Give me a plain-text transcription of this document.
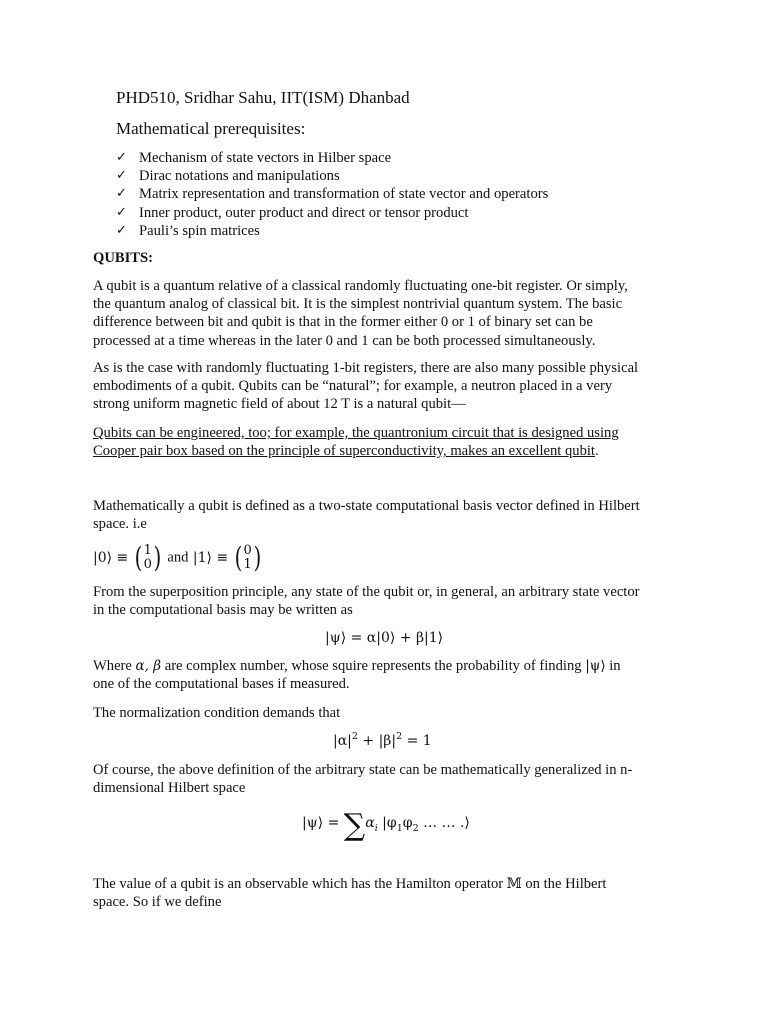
PHD510, Sridhar Sahu, IIT(ISM) Dhanbad
Mathematical prerequisites:
✓ Mechanism of state vectors in Hilber space
✓ Dirac notations and manipulations
✓ Matrix representation and transformation of state vector and operators
✓ Inner product, outer product and direct or tensor product
✓ Pauli’s spin matrices
QUBITS:
A qubit is a quantum relative of a classical randomly fluctuating one-bit register. Or simply,
the quantum analog of classical bit. It is the simplest nontrivial quantum system. The basic
difference between bit and qubit is that in the former either 0 or 1 of binary set can be
processed at a time whereas in the later 0 and 1 can be both processed simultaneously.
As is the case with randomly fluctuating 1-bit registers, there are also many possible physical
embodiments of a qubit. Qubits can be “natural”; for example, a neutron placed in a very
strong uniform magnetic field of about 12 T is a natural qubit—
Qubits can be engineered, too; for example, the quantronium circuit that is designed using
Cooper pair box based on the principle of superconductivity, makes an excellent qubit.
Mathematically a qubit is defined as a two-state computational basis vector defined in Hilbert
space. i.e
|0⟩ ≡ ( 1
0 ) and |1⟩ ≡ ( 0
1 )
From the superposition principle, any state of the qubit or, in general, an arbitrary state vector
in the computational basis may be written as
|ψ⟩ = α|0⟩ + β|1⟩
Where α, β are complex number, whose squire represents the probability of finding |ψ⟩ in
one of the computational bases if measured.
The normalization condition demands that
$|\alpha|^2 + |\beta|^2 = 1$
Of course, the above definition of the arbitrary state can be mathematically generalized in n-
dimensional Hilbert space
|ψ⟩ = $\sum\alpha_i$ $|\varphi_1\varphi_2$ … … .⟩
The value of a qubit is an observable which has the Hamilton operator 𝕄 on the Hilbert
space. So if we define
